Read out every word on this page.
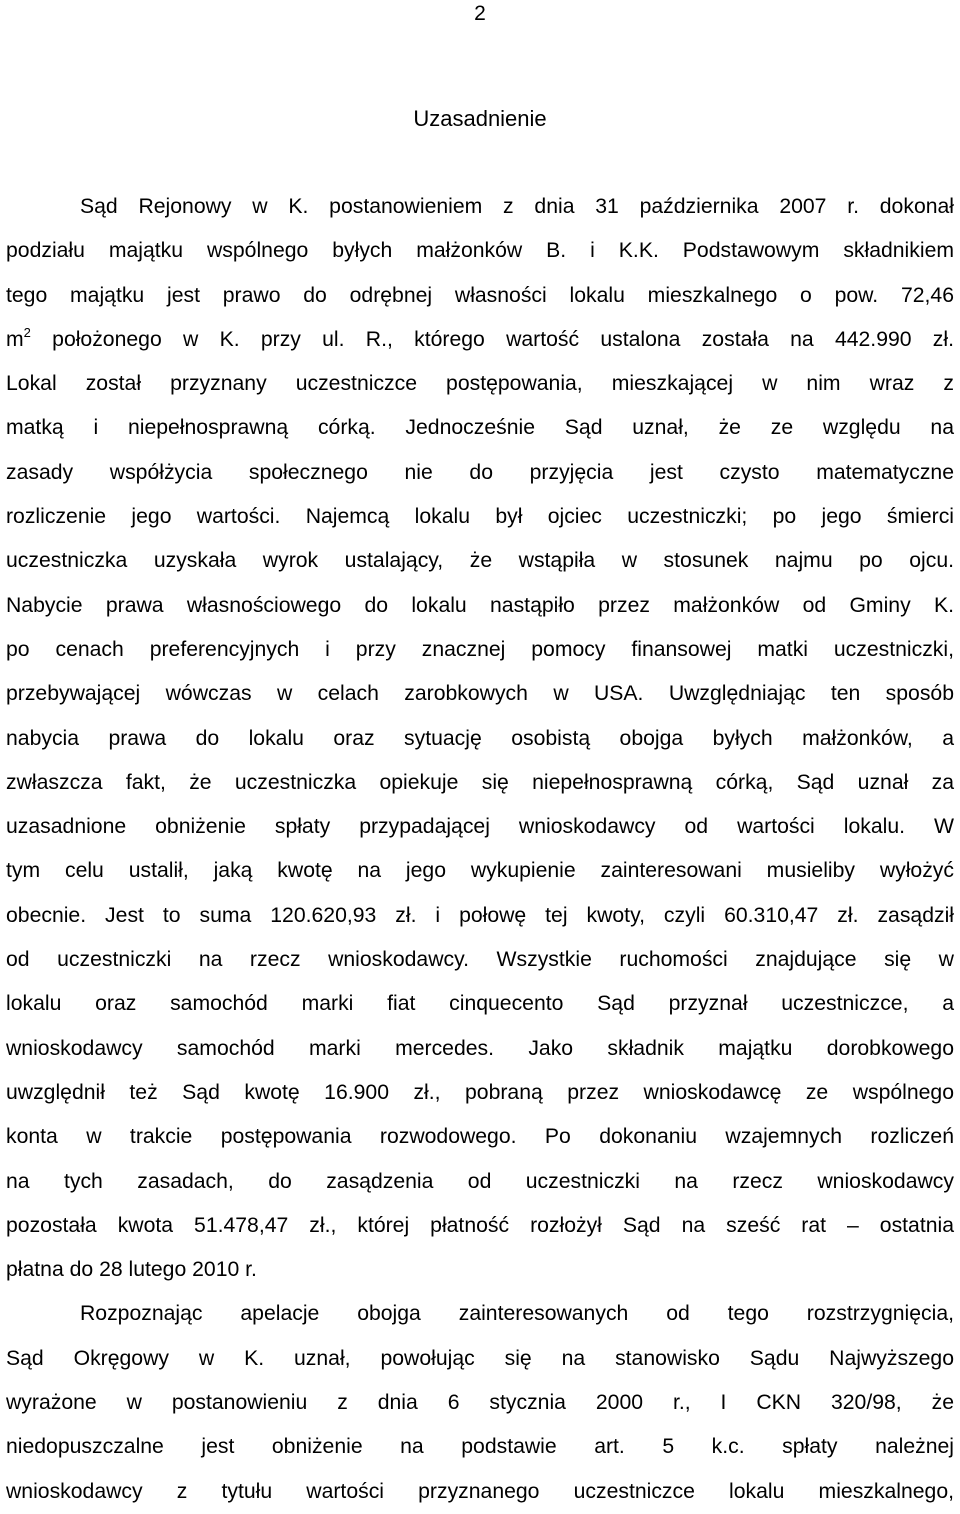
2
Uzasadnienie
Sąd Rejonowy w K. postanowieniem z dnia 31 października 2007 r. dokonał
podziału majątku wspólnego byłych małżonków B. i K.K. Podstawowym składnikiem
tego majątku jest prawo do odrębnej własności lokalu mieszkalnego o pow. 72,46
$m^2$ położonego w K. przy ul. R., którego wartość ustalona została na 442.990 zł.
Lokal został przyznany uczestniczce postępowania, mieszkającej w nim wraz z
matką i niepełnosprawną córką. Jednocześnie Sąd uznał, że ze względu na
zasady współżycia społecznego nie do przyjęcia jest czysto matematyczne
rozliczenie jego wartości. Najemcą lokalu był ojciec uczestniczki; po jego śmierci
uczestniczka uzyskała wyrok ustalający, że wstąpiła w stosunek najmu po ojcu.
Nabycie prawa własnościowego do lokalu nastąpiło przez małżonków od Gminy K.
po cenach preferencyjnych i przy znacznej pomocy finansowej matki uczestniczki,
przebywającej wówczas w celach zarobkowych w USA. Uwzględniając ten sposób
nabycia prawa do lokalu oraz sytuację osobistą obojga byłych małżonków, a
zwłaszcza fakt, że uczestniczka opiekuje się niepełnosprawną córką, Sąd uznał za
uzasadnione obniżenie spłaty przypadającej wnioskodawcy od wartości lokalu. W
tym celu ustalił, jaką kwotę na jego wykupienie zainteresowani musieliby wyłożyć
obecnie. Jest to suma 120.620,93 zł. i połowę tej kwoty, czyli 60.310,47 zł. zasądził
od uczestniczki na rzecz wnioskodawcy. Wszystkie ruchomości znajdujące się w
lokalu oraz samochód marki fiat cinquecento Sąd przyznał uczestniczce, a
wnioskodawcy samochód marki mercedes. Jako składnik majątku dorobkowego
uwzględnił też Sąd kwotę 16.900 zł., pobraną przez wnioskodawcę ze wspólnego
konta w trakcie postępowania rozwodowego. Po dokonaniu wzajemnych rozliczeń
na tych zasadach, do zasądzenia od uczestniczki na rzecz wnioskodawcy
pozostała kwota 51.478,47 zł., której płatność rozłożył Sąd na sześć rat – ostatnia
płatna do 28 lutego 2010 r.
Rozpoznając apelacje obojga zainteresowanych od tego rozstrzygnięcia,
Sąd Okręgowy w K. uznał, powołując się na stanowisko Sądu Najwyższego
wyrażone w postanowieniu z dnia 6 stycznia 2000 r., I CKN 320/98, że
niedopuszczalne jest obniżenie na podstawie art. 5 k.c. spłaty należnej
wnioskodawcy z tytułu wartości przyznanego uczestniczce lokalu mieszkalnego,
